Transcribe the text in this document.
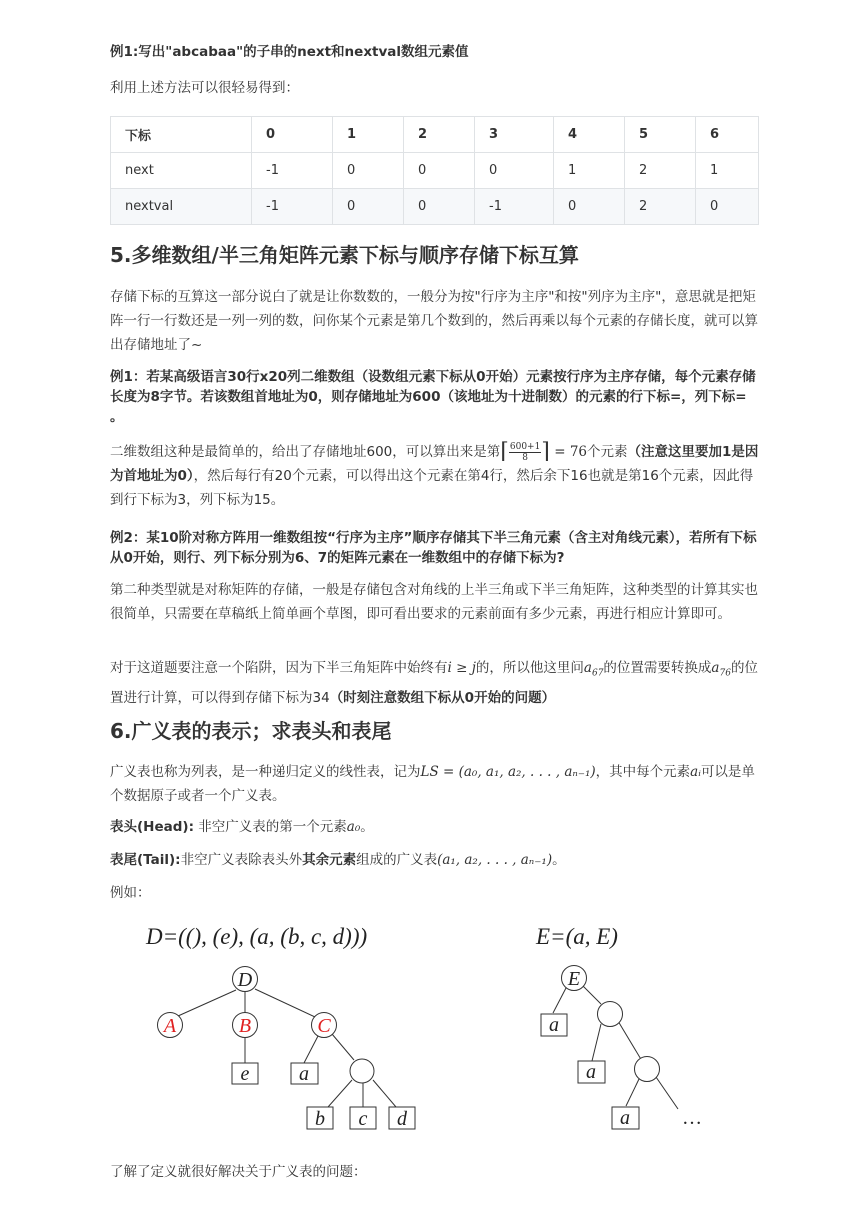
例1:写出"abcabaa"的子串的next和nextval数组元素值

利用上述方法可以很轻易得到：

下标	0	1	2	3	4	5	6
next	-1	0	0	0	1	2	1
nextval	-1	0	0	-1	0	2	0
5.多维数组/半三角矩阵元素下标与顺序存储下标互算

存储下标的互算这一部分说白了就是让你数数的，一般分为按"行序为主序"和按"列序为主序"，意思就是把矩阵一行一行数还是一列一列的数，问你某个元素是第几个数到的，然后再乘以每个元素的存储长度，就可以算出存储地址了~

例1：若某高级语言30行x20列二维数组（设数组元素下标从0开始）元素按行序为主序存储，每个元素存储长度为8字节。若该数组首地址为0，则存储地址为600（该地址为十进制数）的元素的行下标=，列下标= 。

二维数组这种是最简单的，给出了存储地址600，可以算出来是第⌈ $\frac{600+1}{8}$ ⌉ = 76个元素（注意这里要加1是因为首地址为0），然后每行有20个元素，可以得出这个元素在第4行，然后余下16也就是第16个元素，因此得到行下标为3，列下标为15。

例2：某10阶对称方阵用一维数组按“行序为主序”顺序存储其下半三角元素（含主对角线元素），若所有下标从0开始，则行、列下标分别为6、7的矩阵元素在一维数组中的存储下标为?

第二种类型就是对称矩阵的存储，一般是存储包含对角线的上半三角或下半三角矩阵，这种类型的计算其实也很简单，只需要在草稿纸上简单画个草图，即可看出要求的元素前面有多少元素，再进行相应计算即可。

对于这道题要注意一个陷阱，因为下半三角矩阵中始终有i ≥ j的，所以他这里问$a_{67}$的位置需要转换成$a_{76}$的位置进行计算，可以得到存储下标为34（时刻注意数组下标从0开始的问题）

6.广义表的表示；求表头和表尾

广义表也称为列表，是一种递归定义的线性表，记为LS = (a₀, a₁, a₂, . . . , aₙ₋₁)，其中每个元素aᵢ可以是单个数据原子或者一个广义表。

表头(Head): 非空广义表的第一个元素a₀。

表尾(Tail):非空广义表除表头外其余元素组成的广义表(a₁, a₂, . . . , aₙ₋₁)。

例如：

了解了定义就很好解决关于广义表的问题：

D=((), (e), (a, (b, c, d)))	E=(a, E)
D
A	B	C
e a
b c d
E
a
a
a	…
